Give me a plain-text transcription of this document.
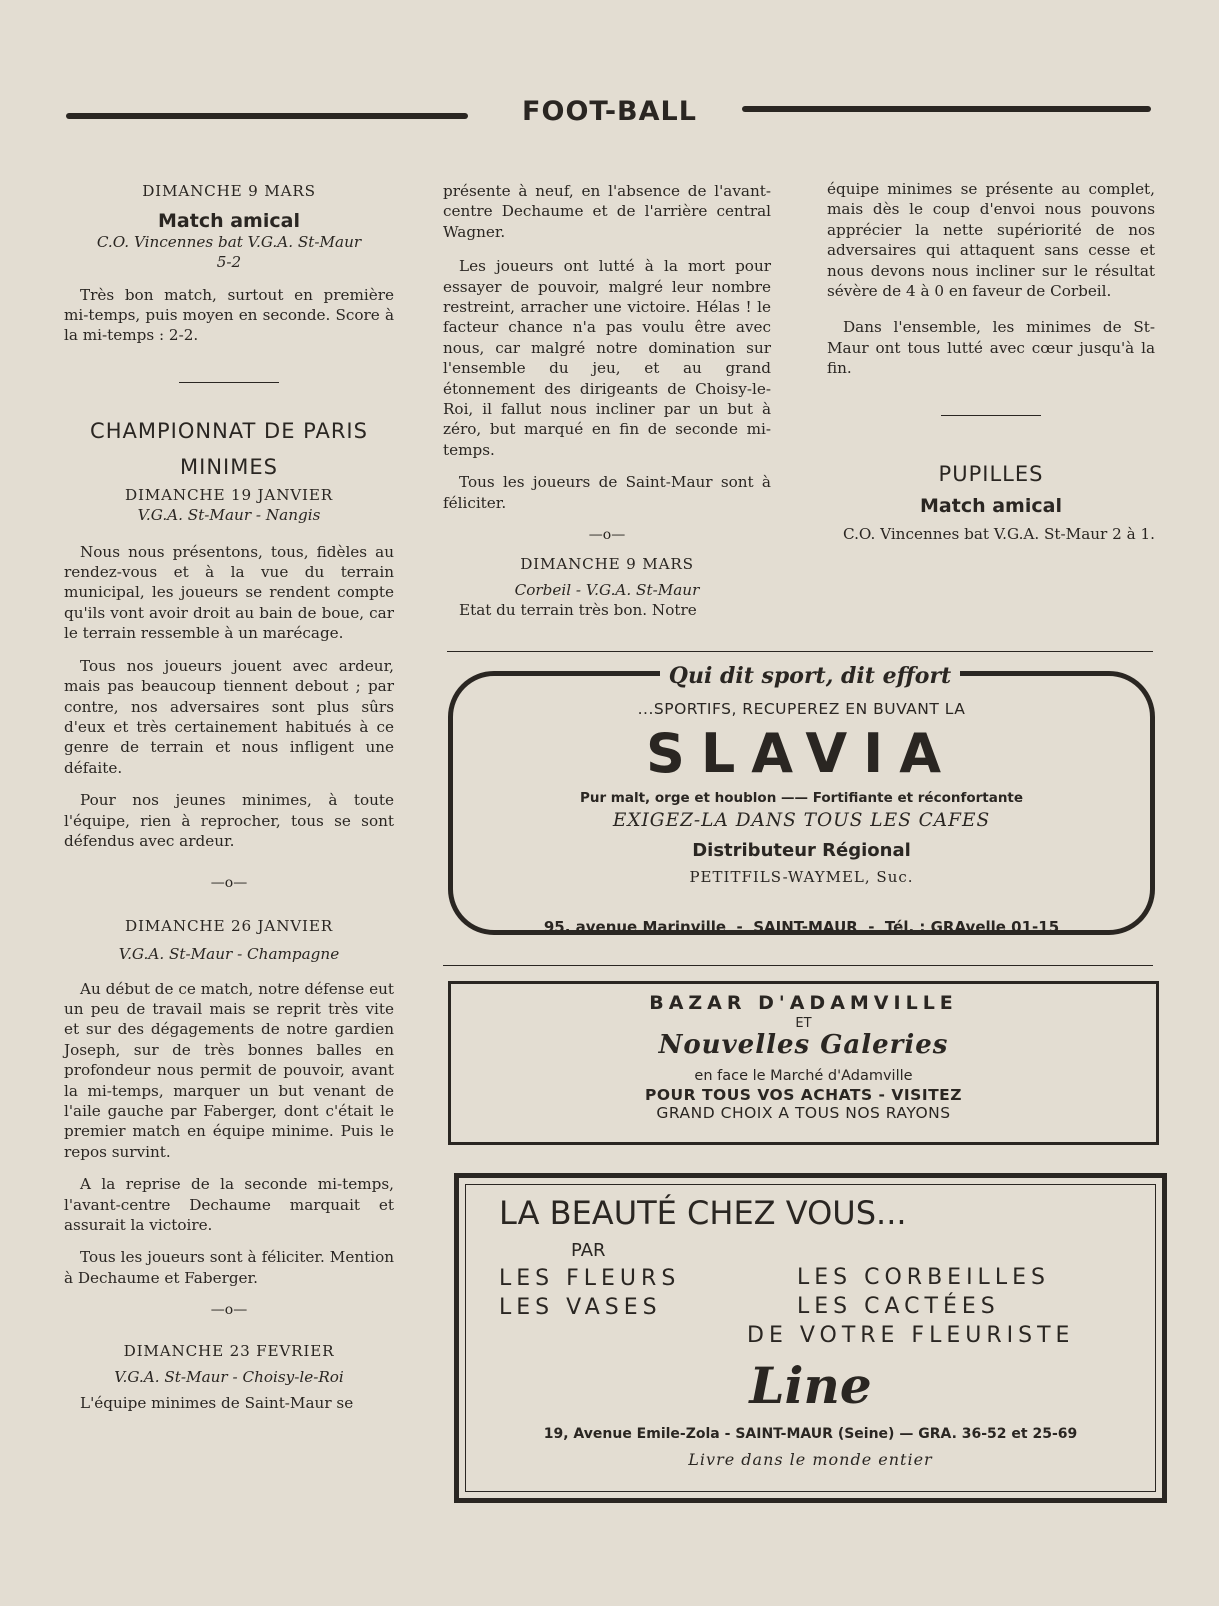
FOOT-BALL
DIMANCHE 9 MARS
Match amical
C.O. Vincennes bat V.G.A. St-Maur
5-2

Très bon match, surtout en première mi-temps, puis moyen en seconde. Score à la mi-temps : 2-2.

CHAMPIONNAT DE PARIS
MINIMES
DIMANCHE 19 JANVIER
V.G.A. St-Maur - Nangis

Nous nous présentons, tous, fidèles au rendez-vous et à la vue du terrain municipal, les joueurs se rendent compte qu'ils vont avoir droit au bain de boue, car le terrain ressemble à un marécage.

Tous nos joueurs jouent avec ardeur, mais pas beaucoup tiennent debout ; par contre, nos adversaires sont plus sûrs d'eux et très certainement habitués à ce genre de terrain et nous infligent une défaite.

Pour nos jeunes minimes, à toute l'équipe, rien à reprocher, tous se sont défendus avec ardeur.

—o—
DIMANCHE 26 JANVIER
V.G.A. St-Maur - Champagne

Au début de ce match, notre défense eut un peu de travail mais se reprit très vite et sur des dégagements de notre gardien Joseph, sur de très bonnes balles en profondeur nous permit de pouvoir, avant la mi-temps, marquer un but venant de l'aile gauche par Faberger, dont c'était le premier match en équipe minime. Puis le repos survint.

A la reprise de la seconde mi-temps, l'avant-centre Dechaume marquait et assurait la victoire.

Tous les joueurs sont à féliciter. Mention à Dechaume et Faberger.

—o—
DIMANCHE 23 FEVRIER
V.G.A. St-Maur - Choisy-le-Roi

L'équipe minimes de Saint-Maur se

présente à neuf, en l'absence de l'avant-centre Dechaume et de l'arrière central Wagner.

Les joueurs ont lutté à la mort pour essayer de pouvoir, malgré leur nombre restreint, arracher une victoire. Hélas ! le facteur chance n'a pas voulu être avec nous, car malgré notre domination sur l'ensemble du jeu, et au grand étonnement des dirigeants de Choisy-le-Roi, il fallut nous incliner par un but à zéro, but marqué en fin de seconde mi-temps.

Tous les joueurs de Saint-Maur sont à féliciter.

—o—
DIMANCHE 9 MARS
Corbeil - V.G.A. St-Maur

Etat du terrain très bon. Notre

équipe minimes se présente au complet, mais dès le coup d'envoi nous pouvons apprécier la nette supériorité de nos adversaires qui attaquent sans cesse et nous devons nous incliner sur le résultat sévère de 4 à 0 en faveur de Corbeil.

Dans l'ensemble, les minimes de St-Maur ont tous lutté avec cœur jusqu'à la fin.

PUPILLES
Match amical

C.O. Vincennes bat V.G.A. St-Maur 2 à 1.

...SPORTIFS, RECUPEREZ EN BUVANT LA
SLAVIA
Pur malt, orge et houblon —— Fortifiante et réconfortante
EXIGEZ-LA DANS TOUS LES CAFES
Distributeur Régional
PETITFILS-WAYMEL, Suc.
95, avenue Marinville  -  SAINT-MAUR  -  Tél. : GRAvelle 01-15
Qui dit sport, dit effort
BAZAR D'ADAMVILLE
ET
Nouvelles Galeries
en face le Marché d'Adamville
POUR TOUS VOS ACHATS - VISITEZ
GRAND CHOIX A TOUS NOS RAYONS
LA BEAUTÉ CHEZ VOUS...
PAR
LES FLEURS
LES VASES
LES CORBEILLES
LES CACTÉES
DE VOTRE FLEURISTE
Line
19, Avenue Emile-Zola - SAINT-MAUR (Seine) — GRA. 36-52 et 25-69
Livre dans le monde entier
